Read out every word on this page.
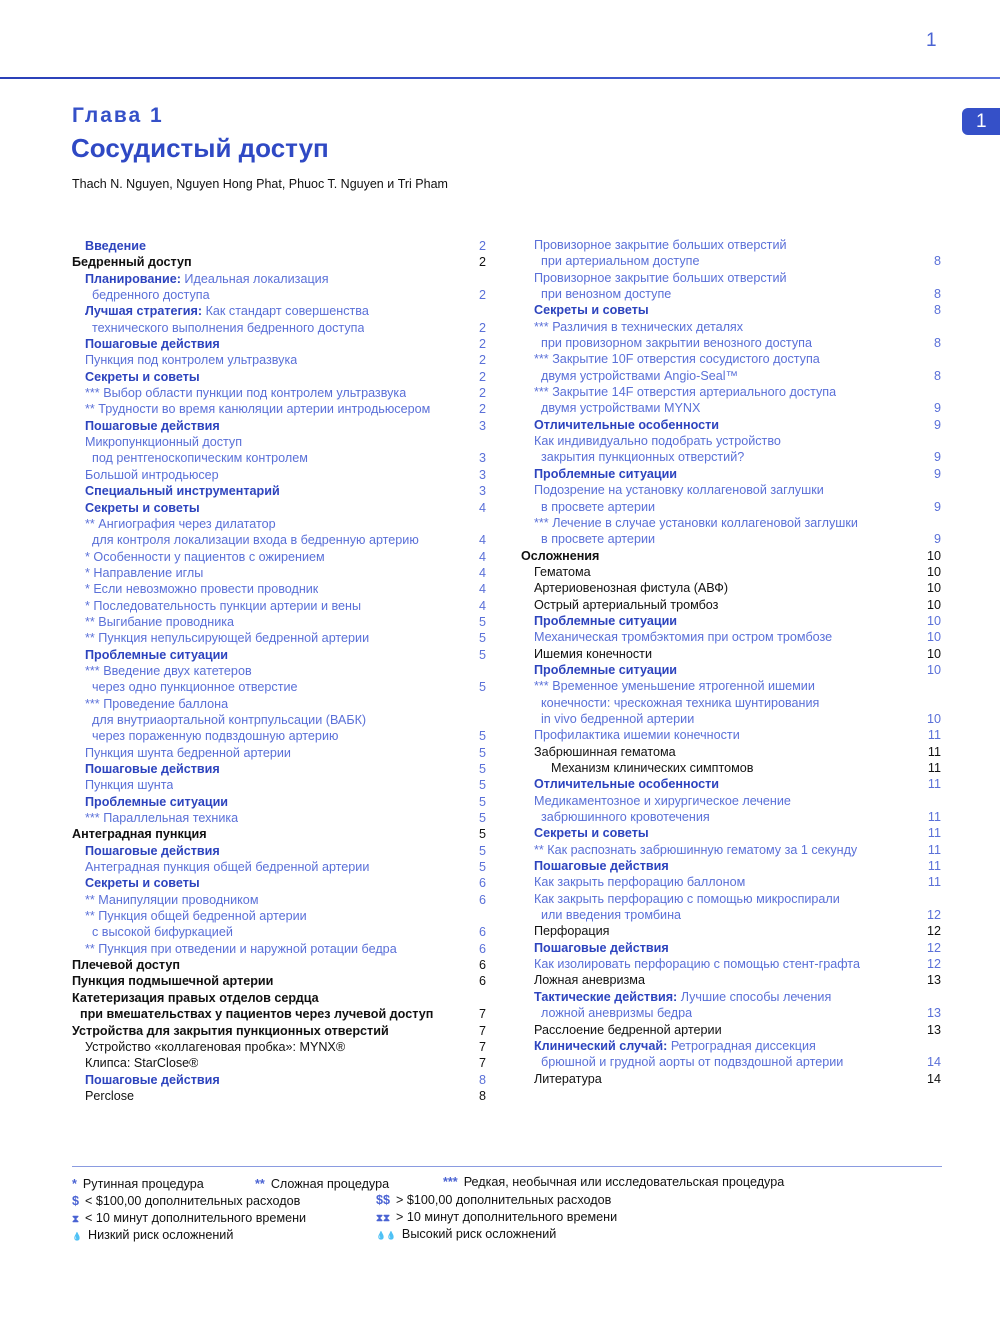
1
1
Глава 1
Сосудистый доступ
Thach N. Nguyen, Nguyen Hong Phat, Phuoc T. Nguyen и Tri Pham
Введение	2
Бедренный доступ	2
Планирование: Идеальная локализация
бедренного доступа	2
Лучшая стратегия: Как стандарт совершенства
технического выполнения бедренного доступа	2
Пошаговые действия	2
Пункция под контролем ультразвука	2
Секреты и советы	2
*** Выбор области пункции под контролем ультразвука	2
** Трудности во время канюляции артерии интродьюсером	2
Пошаговые действия	3
Микропункционный доступ
под рентгеноскопическим контролем	3
Большой интродьюсер	3
Специальный инструментарий	3
Секреты и советы	4
** Ангиография через дилататор
для контроля локализации входа в бедренную артерию	4
* Особенности у пациентов с ожирением	4
* Направление иглы	4
* Если невозможно провести проводник	4
* Последовательность пункции артерии и вены	4
** Выгибание проводника	5
** Пункция непульсирующей бедренной артерии	5
Проблемные ситуации	5
*** Введение двух катетеров
через одно пункционное отверстие	5
*** Проведение баллона
для внутриаортальной контрпульсации (ВАБК)
через пораженную подвздошную артерию	5
Пункция шунта бедренной артерии	5
Пошаговые действия	5
Пункция шунта	5
Проблемные ситуации	5
*** Параллельная техника	5
Антеградная пункция	5
Пошаговые действия	5
Антеградная пункция общей бедренной артерии	5
Секреты и советы	6
** Манипуляции проводником	6
** Пункция общей бедренной артерии
с высокой бифуркацией	6
** Пункция при отведении и наружной ротации бедра	6
Плечевой доступ	6
Пункция подмышечной артерии	6
Катетеризация правых отделов сердца
при вмешательствах у пациентов через лучевой доступ	7
Устройства для закрытия пункционных отверстий	7
Устройство «коллагеновая пробка»: MYNX®	7
Клипса: StarClose®	7
Пошаговые действия	8
Perclose	8
Провизорное закрытие больших отверстий
при артериальном доступе	8
Провизорное закрытие больших отверстий
при венозном доступе	8
Секреты и советы	8
*** Различия в технических деталях
при провизорном закрытии венозного доступа	8
*** Закрытие 10F отверстия сосудистого доступа
двумя устройствами Angio-Seal™	8
*** Закрытие 14F отверстия артериального доступа
двумя устройствами MYNX	9
Отличительные особенности	9
Как индивидуально подобрать устройство
закрытия пункционных отверстий?	9
Проблемные ситуации	9
Подозрение на установку коллагеновой заглушки
в просвете артерии	9
*** Лечение в случае установки коллагеновой заглушки
в просвете артерии	9
Осложнения	10
Гематома	10
Артериовенозная фистула (АВФ)	10
Острый артериальный тромбоз	10
Проблемные ситуации	10
Механическая тромбэктомия при остром тромбозе	10
Ишемия конечности	10
Проблемные ситуации	10
*** Временное уменьшение ятрогенной ишемии
конечности: чрескожная техника шунтирования
in vivo бедренной артерии	10
Профилактика ишемии конечности	11
Забрюшинная гематома	11
Механизм клинических симптомов	11
Отличительные особенности	11
Медикаментозное и хирургическое лечение
забрюшинного кровотечения	11
Секреты и советы	11
** Как распознать забрюшинную гематому за 1 секунду	11
Пошаговые действия	11
Как закрыть перфорацию баллоном	11
Как закрыть перфорацию с помощью микроспирали
или введения тромбина	12
Перфорация	12
Пошаговые действия	12
Как изолировать перфорацию с помощью стент-графта	12
Ложная аневризма	13
Тактические действия: Лучшие способы лечения
ложной аневризмы бедра	13
Расслоение бедренной артерии	13
Клинический случай: Ретроградная диссекция
брюшной и грудной аорты от подвздошной артерии	14
Литература	14
* Рутинная процедура	** Сложная процедура	*** Редкая, необычная или исследовательская процедура
$ < $100,00 дополнительных расходов	$$ > $100,00 дополнительных расходов
⧗ < 10 минут дополнительного времени	⧗⧗ > 10 минут дополнительного времени
💧 Низкий риск осложнений	💧💧 Высокий риск осложнений
